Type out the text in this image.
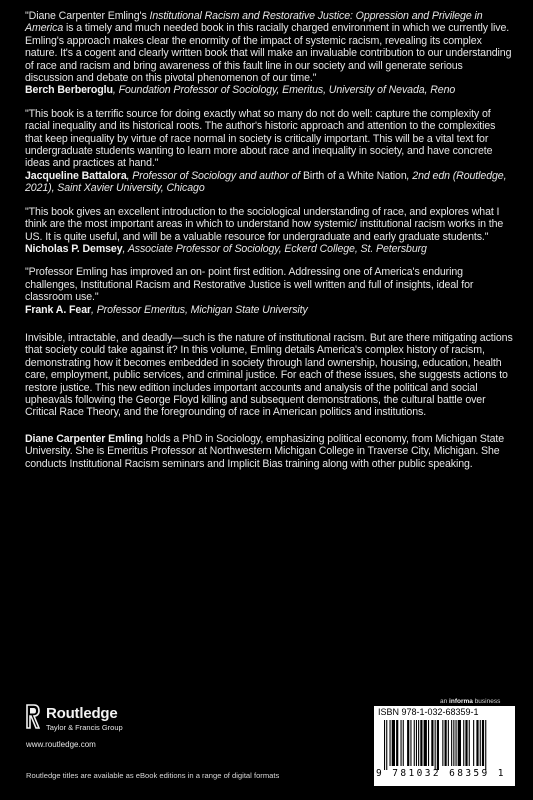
"Diane Carpenter Emling's Institutional Racism and Restorative Justice: Oppression and Privilege in America is a timely and much needed book in this racially charged environment in which we currently live. Emling's approach makes clear the enormity of the impact of systemic racism, revealing its complex nature. It's a cogent and clearly written book that will make an invaluable contribution to our understanding of race and racism and bring awareness of this fault line in our society and will generate serious discussion and debate on this pivotal phenomenon of our time."
Berch Berberoglu, Foundation Professor of Sociology, Emeritus, University of Nevada, Reno
"This book is a terrific source for doing exactly what so many do not do well: capture the complexity of racial inequality and its historical roots. The author's historic approach and attention to the complexities that keep inequality by virtue of race normal in society is critically important. This will be a vital text for undergraduate students wanting to learn more about race and inequality in society, and have concrete ideas and practices at hand."
Jacqueline Battalora, Professor of Sociology and author of Birth of a White Nation, 2nd edn (Routledge, 2021), Saint Xavier University, Chicago
"This book gives an excellent introduction to the sociological understanding of race, and explores what I think are the most important areas in which to understand how systemic/ institutional racism works in the US. It is quite useful, and will be a valuable resource for undergraduate and early graduate students."
Nicholas P. Demsey, Associate Professor of Sociology, Eckerd College, St. Petersburg
"Professor Emling has improved an on- point first edition. Addressing one of America's enduring challenges, Institutional Racism and Restorative Justice is well written and full of insights, ideal for classroom use."
Frank A. Fear, Professor Emeritus, Michigan State University
Invisible, intractable, and deadly—such is the nature of institutional racism. But are there mitigating actions that society could take against it? In this volume, Emling details America's complex history of racism, demonstrating how it becomes embedded in society through land ownership, housing, education, health care, employment, public services, and criminal justice. For each of these issues, she suggests actions to restore justice. This new edition includes important accounts and analysis of the political and social upheavals following the George Floyd killing and subsequent demonstrations, the cultural battle over Critical Race Theory, and the foregrounding of race in American politics and institutions.
Diane Carpenter Emling holds a PhD in Sociology, emphasizing political economy, from Michigan State University. She is Emeritus Professor at Northwestern Michigan College in Traverse City, Michigan. She conducts Institutional Racism seminars and Implicit Bias training along with other public speaking.
an informa business
Routledge
Taylor & Francis Group
www.routledge.com
Routledge titles are available as eBook editions in a range of digital formats
ISBN 978-1-032-68359-1
9 781032 68359 1
